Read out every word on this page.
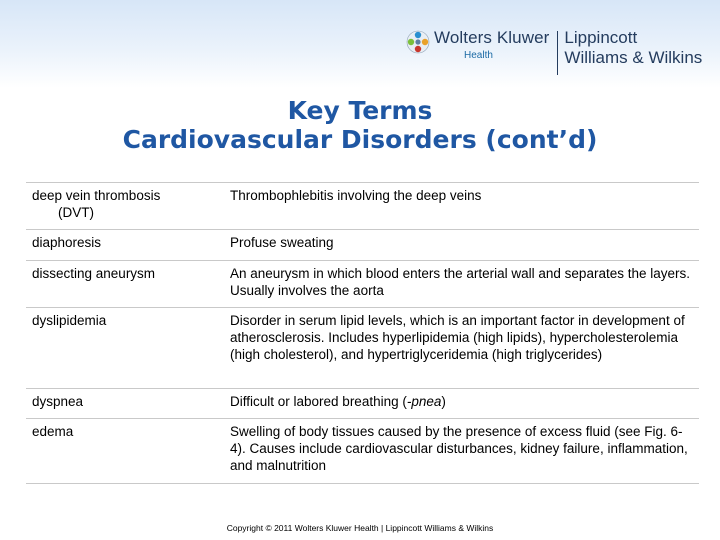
Wolters Kluwer
Health
Lippincott
Williams & Wilkins
Key Terms
Cardiovascular Disorders (cont’d)
deep vein thrombosis
(DVT)	Thrombophlebitis involving the deep veins
diaphoresis	Profuse sweating
dissecting aneurysm	An aneurysm in which blood enters the arterial wall and separates the layers. Usually involves the aorta
dyslipidemia	Disorder in serum lipid levels, which is an important factor in development of atherosclerosis. Includes hyperlipidemia (high lipids), hypercholesterolemia (high cholesterol), and hypertriglyceridemia (high triglycerides)
dyspnea	Difficult or labored breathing (-pnea)
edema	Swelling of body tissues caused by the presence of excess fluid (see Fig. 6-4). Causes include cardiovascular disturbances, kidney failure, inflammation, and malnutrition
Copyright © 2011 Wolters Kluwer Health | Lippincott Williams & Wilkins
